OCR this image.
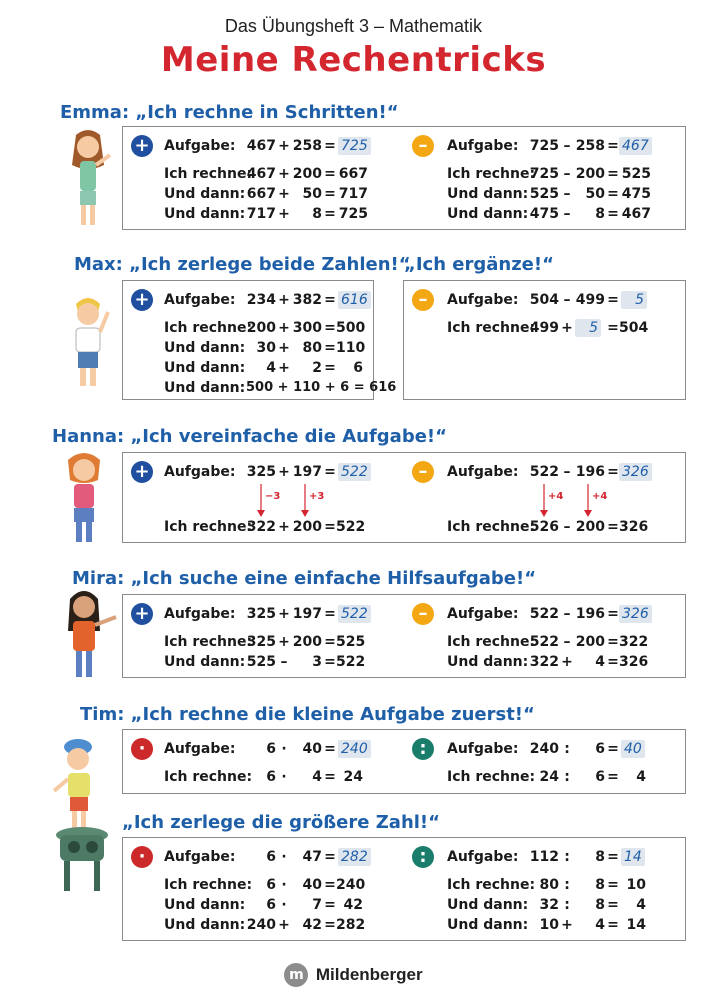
Das Übungsheft 3 – Mathematik
Meine Rechentricks
Emma: „Ich rechne in Schritten!“
+	–
Aufgabe: 467 + 258 = 725
Ich rechne:
467 + 200 = 667
Und dann: 667 + 50 = 717
Und dann: 717 +	8 = 725
Aufgabe: 725 – 258 = 467
Ich rechne:
725 – 200 = 525
Und dann: 525 –	50 = 475
Und dann: 475 –	8 = 467
Max: „Ich zerlege beide Zahlen!“
„Ich ergänze!“
+ Aufgabe: 234 + 382 = 616
Ich rechne:
200 + 300 = 500
Und dann: 30 + 80 = 110
Und dann:	4 +	2 =	6
Und dann: 500 + 110 + 6 = 616
–	Aufgabe: 504 – 499 =	5
Ich rechne:
499 +	5 = 504
Hanna: „Ich vereinfache die Aufgabe!“
+	–
Aufgabe: 325 + 197 = 522
−3	+3
Ich rechne:
322 + 200 = 522
Aufgabe: 522 – 196 = 326
+4	+4
Ich rechne:
526 – 200 = 326
Mira: „Ich suche eine einfache Hilfsaufgabe!“
+	–
Aufgabe: 325 + 197 = 522
Ich rechne:
325 + 200 = 525
Und dann: 525 –	3 = 522
Aufgabe: 522 – 196 = 326
Ich rechne:
522 – 200 = 322
Und dann: 322 +	4 = 326
Tim: „Ich rechne die kleine Aufgabe zuerst!“
·	:
Aufgabe:	6 ·	40 = 240
Ich rechne:	6 ·	4 = 24
Aufgabe: 240 :	6 = 40
Ich rechne: 24 :	6 =	4
„Ich zerlege die größere Zahl!“
·	:
Aufgabe:	6 ·	47 = 282
Ich rechne:	6 ·	40 = 240
Und dann:	6 ·	7 = 42
Und dann: 240 + 42 = 282
Aufgabe: 112 :	8 = 14
Ich rechne: 80 :	8 = 10
Und dann: 32 :	8 =	4
Und dann: 10 +	4 = 14
m Mildenberger
